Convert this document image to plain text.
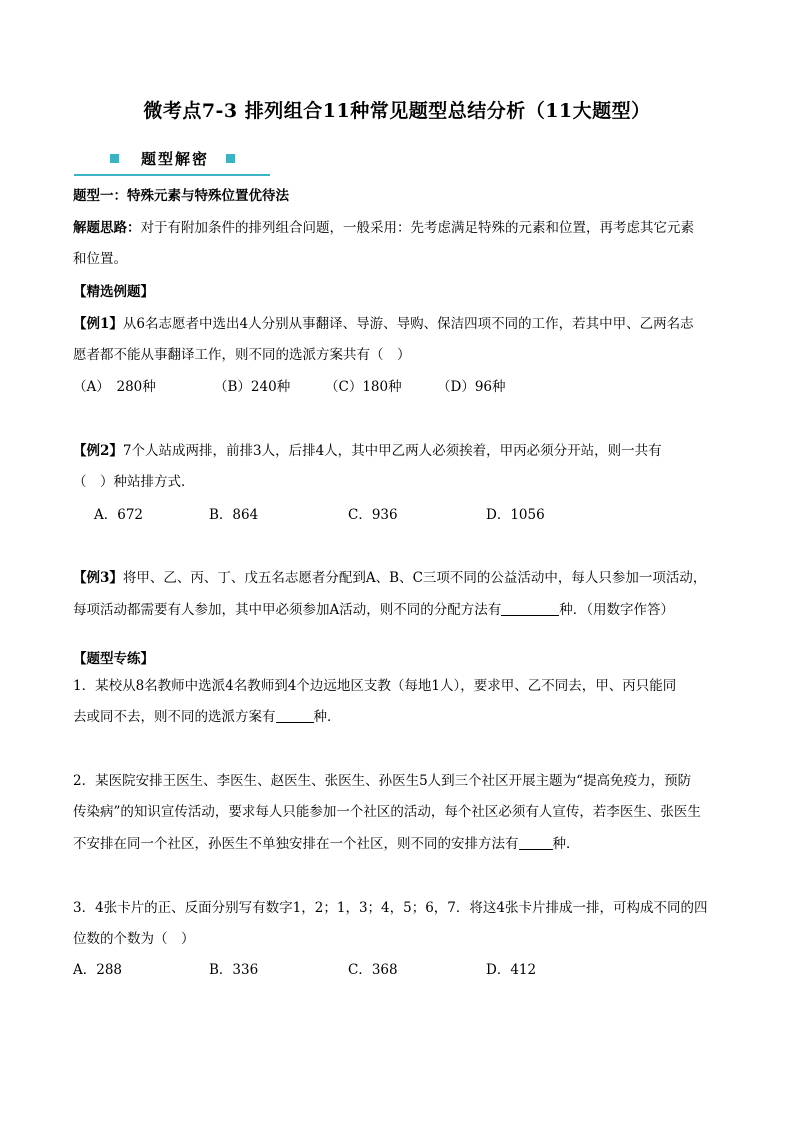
微考点7-3 排列组合11种常见题型总结分析（11大题型）
题型解密
题型一：特殊元素与特殊位置优待法
解题思路：对于有附加条件的排列组合问题，一般采用：先考虑满足特殊的元素和位置，再考虑其它元素
和位置。
【精选例题】
【例1】从6名志愿者中选出4人分别从事翻译、导游、导购、保洁四项不同的工作，若其中甲、乙两名志
愿者都不能从事翻译工作，则不同的选派方案共有（　）
（A）　280种	（B）240种	（C）180种	（D）96种
【例2】7个人站成两排，前排3人，后排4人，其中甲乙两人必须挨着，甲丙必须分开站，则一共有
（　）种站排方式．
A．672	B．864	C．936	D．1056
【例3】将甲、乙、丙、丁、戊五名志愿者分配到A、B、C三项不同的公益活动中，每人只参加一项活动，
每项活动都需要有人参加，其中甲必须参加A活动，则不同的分配方法有	种．（用数字作答）
【题型专练】
1．某校从8名教师中选派4名教师到4个边远地区支教（每地1人），要求甲、乙不同去，甲、丙只能同
去或同不去，则不同的选派方案有	种．
2．某医院安排王医生、李医生、赵医生、张医生、孙医生5人到三个社区开展主题为“提高免疫力，预防
传染病”的知识宣传活动，要求每人只能参加一个社区的活动，每个社区必须有人宣传，若李医生、张医生
不安排在同一个社区，孙医生不单独安排在一个社区，则不同的安排方法有	种．
3．4张卡片的正、反面分别写有数字1，2；1，3；4，5；6，7．将这4张卡片排成一排，可构成不同的四
位数的个数为（　）
A．288	B．336	C．368	D．412
